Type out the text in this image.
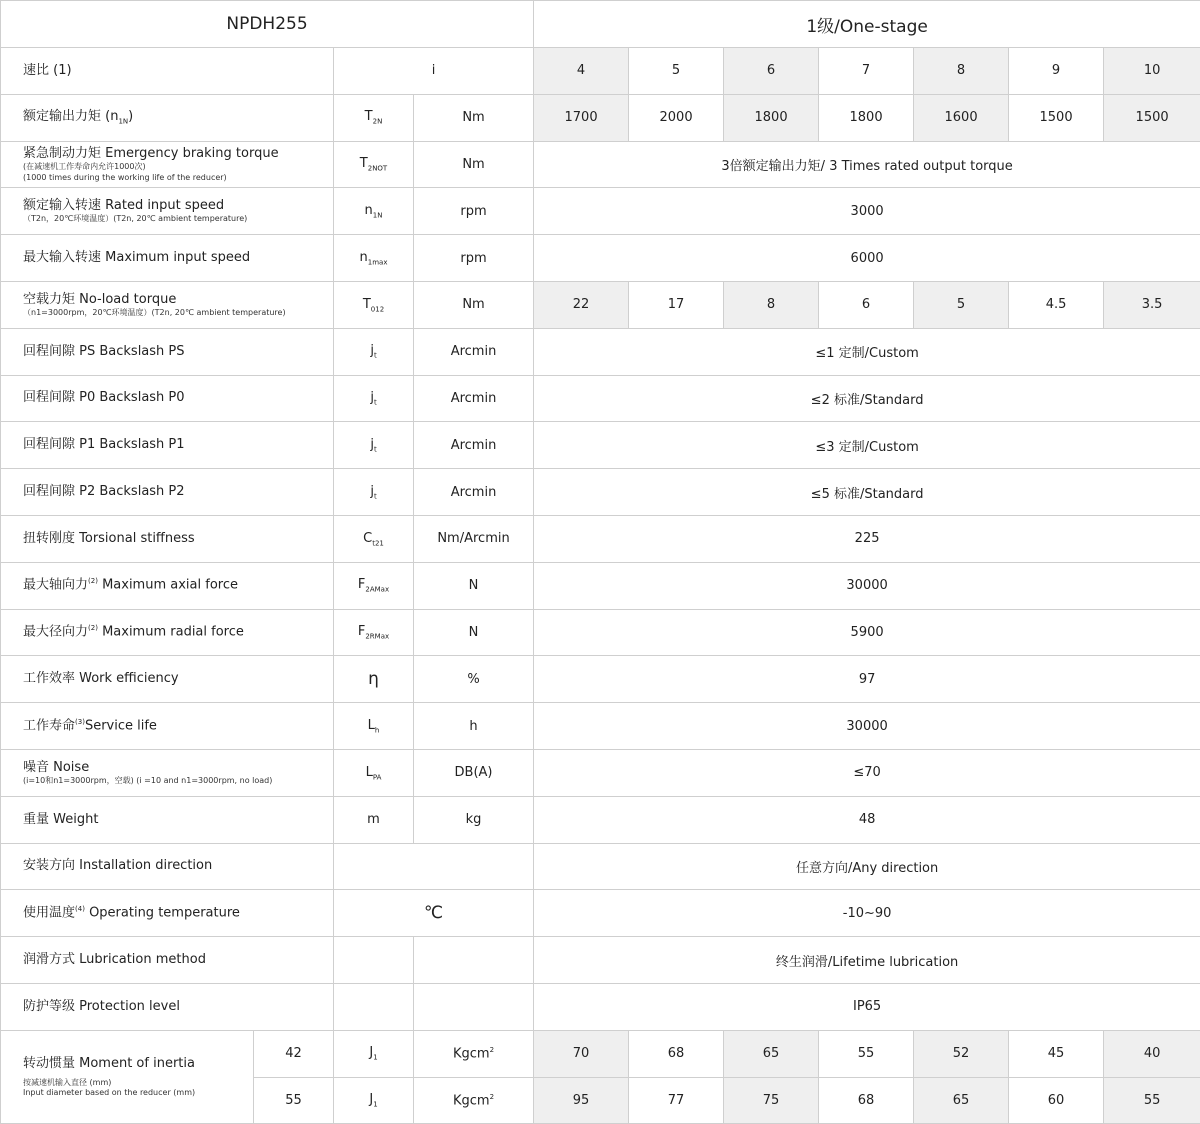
NPDH255				1级/One-stage						
速比 (1)		i		4	5	6	7	8	9	10
额定输出力矩 $(n_{1N})$		$T_{2N}$	Nm	1700	2000	1800	1800	1600	1500	1500
紧急制动力矩 Emergency braking torque
(在减速机工作寿命内允许1000次)
(1000 times during the working life of the reducer)		$T_{2NOT}$	Nm	3倍额定输出力矩/ 3 Times rated output torque						
额定输入转速 Rated input speed
（T2n，20℃环境温度）(T2n, 20℃ ambient temperature)		$n_{1N}$	rpm	3000						
最大输入转速 Maximum input speed		$n_{1max}$	rpm	6000						
空载力矩 No-load torque
（n1=3000rpm，20℃环境温度）(T2n, 20℃ ambient temperature)		$T_{012}$	Nm	22	17	8	6	5	4.5	3.5
回程间隙 PS Backslash PS		$j_t$	Arcmin	≤1 定制/Custom						
回程间隙 P0 Backslash P0		$j_t$	Arcmin	≤2 标准/Standard						
回程间隙 P1 Backslash P1		$j_t$	Arcmin	≤3 定制/Custom						
回程间隙 P2 Backslash P2		$j_t$	Arcmin	≤5 标准/Standard						
扭转刚度 Torsional stiffness		$C_{t21}$	Nm/Arcmin	225						
最大轴向力$^{(2)}$ Maximum axial force		$F_{2AMax}$	N	30000						
最大径向力$^{(2)}$ Maximum radial force		$F_{2RMax}$	N	5900						
工作效率 Work efficiency		η	%	97						
工作寿命$^{(3)}$Service life		$L_h$	h	30000						
噪音 Noise
(i=10和n1=3000rpm，空载) (i =10 and n1=3000rpm, no load)		$L_{PA}$	DB(A)	≤70						
重量 Weight		m	kg	48						
安装方向 Installation direction				任意方向/Any direction						
使用温度$^{(4)}$ Operating temperature		℃		-10~90						
润滑方式 Lubrication method				终生润滑/Lifetime lubrication						
防护等级 Protection level				IP65						
转动惯量 Moment of inertia
按减速机输入直径 (mm)
Input diameter based on the reducer (mm)	42	$J_1$	Kgcm$^2$	70	68	65	55	52	45	40
	55	$J_1$	Kgcm$^2$	95	77	75	68	65	60	55
